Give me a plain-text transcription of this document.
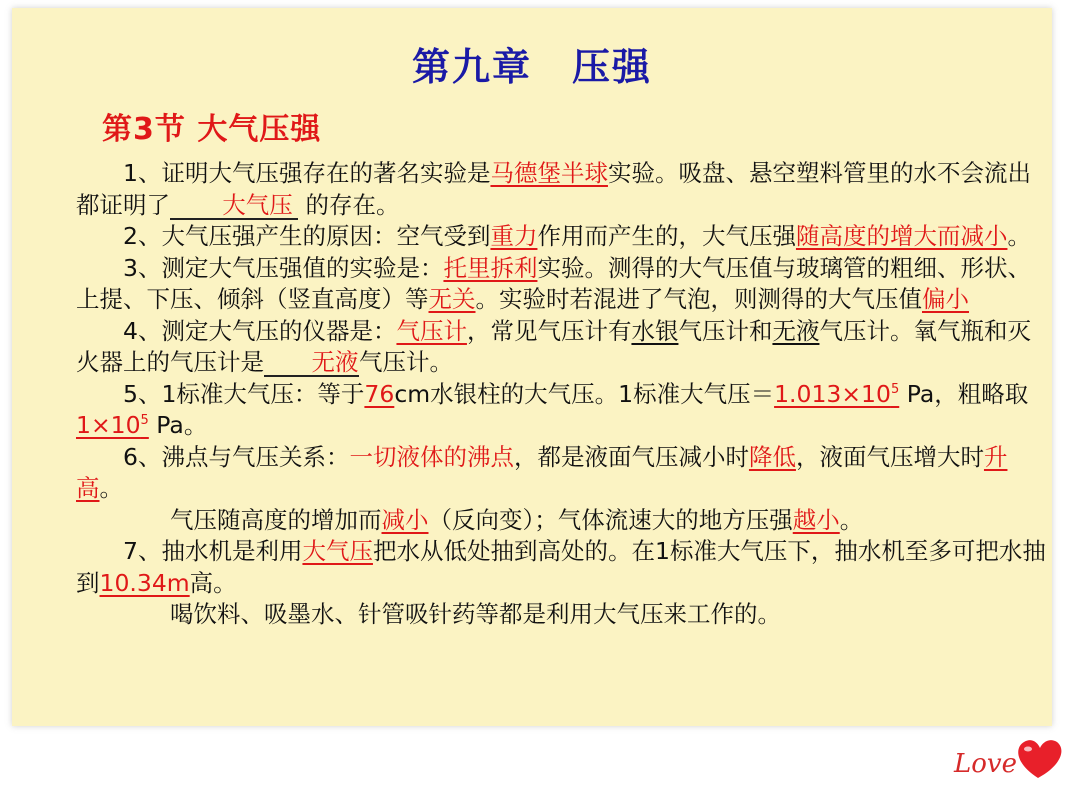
第九章　压强
第3节 大气压强

1、证明大气压强存在的著名实验是马德堡半球实验。吸盘、悬空塑料管里的水不会流出都证明了 大气压 的存在。

2、大气压强产生的原因：空气受到重力作用而产生的，大气压强随高度的增大而减小。

3、测定大气压强值的实验是：托里拆利实验。测得的大气压值与玻璃管的粗细、形状、上提、下压、倾斜（竖直高度）等无关。实验时若混进了气泡，则测得的大气压值偏小

4、测定大气压的仪器是：气压计，常见气压计有水银气压计和无液气压计。氧气瓶和灭火器上的气压计是 无液气压计。

5、1标准大气压：等于76cm水银柱的大气压。1标准大气压$=1.013\times 10^5$ Pa，粗略取$1\times 10^5$ Pa。

6、沸点与气压关系：一切液体的沸点，都是液面气压减小时降低，液面气压增大时升高。

气压随高度的增加而减小（反向变）；气体流速大的地方压强越小。

7、抽水机是利用大气压把水从低处抽到高处的。在1标准大气压下，抽水机至多可把水抽到10.34m高。

喝饮料、吸墨水、针管吸针药等都是利用大气压来工作的。

Love
